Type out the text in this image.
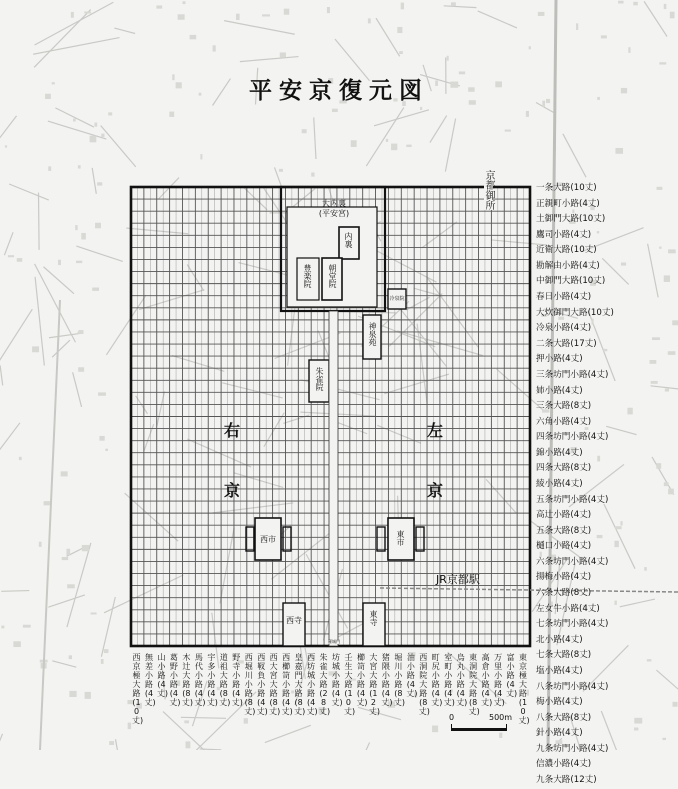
平安京復元図
右
京
左
京
京都御所
大内裏
(平安宮)
内裏
朝堂院
豊楽院
冷泉院
神泉苑
朱雀院
西市	東市
西寺	東寺
羅城門
JR京都駅
一条大路(10丈)
正親町小路(4丈)
土御門大路(10丈)
鷹司小路(4丈)
近衛大路(10丈)
勘解由小路(4丈)
中御門大路(10丈)
春日小路(4丈)
大炊御門大路(10丈)
冷泉小路(4丈)
二条大路(17丈)
押小路(4丈)
三条坊門小路(4丈)
姉小路(4丈)
三条大路(8丈)
六角小路(4丈)
四条坊門小路(4丈)
錦小路(4丈)
四条大路(8丈)
綾小路(4丈)
五条坊門小路(4丈)
高辻小路(4丈)
五条大路(8丈)
樋口小路(4丈)
六条坊門小路(4丈)
揚梅小路(4丈)
六条大路(8丈)
左女牛小路(4丈)
七条坊門小路(4丈)
北小路(4丈)
七条大路(8丈)
塩小路(4丈)
八条坊門小路(4丈)
梅小路(4丈)
八条大路(8丈)
針小路(4丈)
九条坊門小路(4丈)
信濃小路(4丈)
九条大路(12丈)
西京極大路(10丈)
無差小路(4丈)
山小路(4丈)
葛野小路(4丈)
木辻大路(8丈)
馬代小路(4丈)
宇多小路(4丈)
道祖大路(8丈)
野寺小路(4丈)
西堀川小路(8丈)
西靫負小路(4丈)
西大宮大路(8丈)
西櫛笥小路(4丈)
皇嘉門大路(8丈)
西坊城小路(4丈)
朱雀大路(28丈)
坊城小路(4丈)
壬生大路(10丈)
櫛笥小路(4丈)
大宮大路(12丈)
猪隈小路(4丈)
堀川小路(8丈)
油小路(4丈)
西洞院大路(8丈)
町尻小路(4丈)
室町小路(4丈)
烏丸小路(4丈)
東洞院大路(8丈)
高倉小路(4丈)
万里小路(4丈)
富小路(4丈)
東京極大路(10丈)
0	500m
